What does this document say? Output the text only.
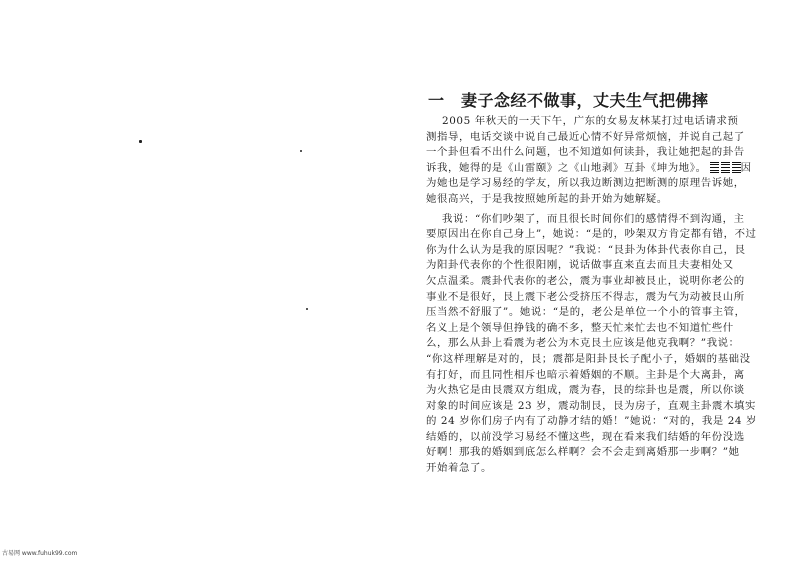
一　妻子念经不做事，丈夫生气把佛摔

2005 年秋天的一天下午，广东的女易友林某打过电话请求预

测指导，电话交谈中说自己最近心情不好异常烦恼，并说自己起了

一个卦但看不出什么问题，也不知道如何读卦，我让她把起的卦告

诉我，她得的是《山雷颐》之《山地剥》互卦《坤为地》。	因

为她也是学习易经的学友，所以我边断测边把断测的原理告诉她，

她很高兴，于是我按照她所起的卦开始为她解疑。

我说：“你们吵架了，而且很长时间你们的感情得不到沟通，主

要原因出在你自己身上”，她说：“是的，吵架双方肯定都有错，不过

你为什么认为是我的原因呢？”我说：“艮卦为体卦代表你自己，艮

为阳卦代表你的个性很阳刚，说话做事直来直去而且夫妻相处又

欠点温柔。震卦代表你的老公，震为事业却被艮止，说明你老公的

事业不是很好，艮上震下老公受挤压不得志，震为气为动被艮山所

压当然不舒服了”。她说：“是的，老公是单位一个小的管事主管，

名义上是个领导但挣钱的确不多，整天忙来忙去也不知道忙些什

么，那么从卦上看震为老公为木克艮土应该是他克我啊？”我说：

“你这样理解是对的，艮；震都是阳卦艮长子配小子，婚姻的基础没

有打好，而且同性相斥也暗示着婚姻的不顺。主卦是个大离卦，离

为火热它是由艮震双方组成，震为春，艮的综卦也是震，所以你谈

对象的时间应该是 23 岁，震动制艮，艮为房子，直观主卦震木填实

的 24 岁你们房子内有了动静才结的婚！”她说：“对的，我是 24 岁

结婚的，以前没学习易经不懂这些，现在看来我们结婚的年份没选

好啊！那我的婚姻到底怎么样啊？会不会走到离婚那一步啊？”她

开始着急了。

古易网 www.fuhuk99.com
